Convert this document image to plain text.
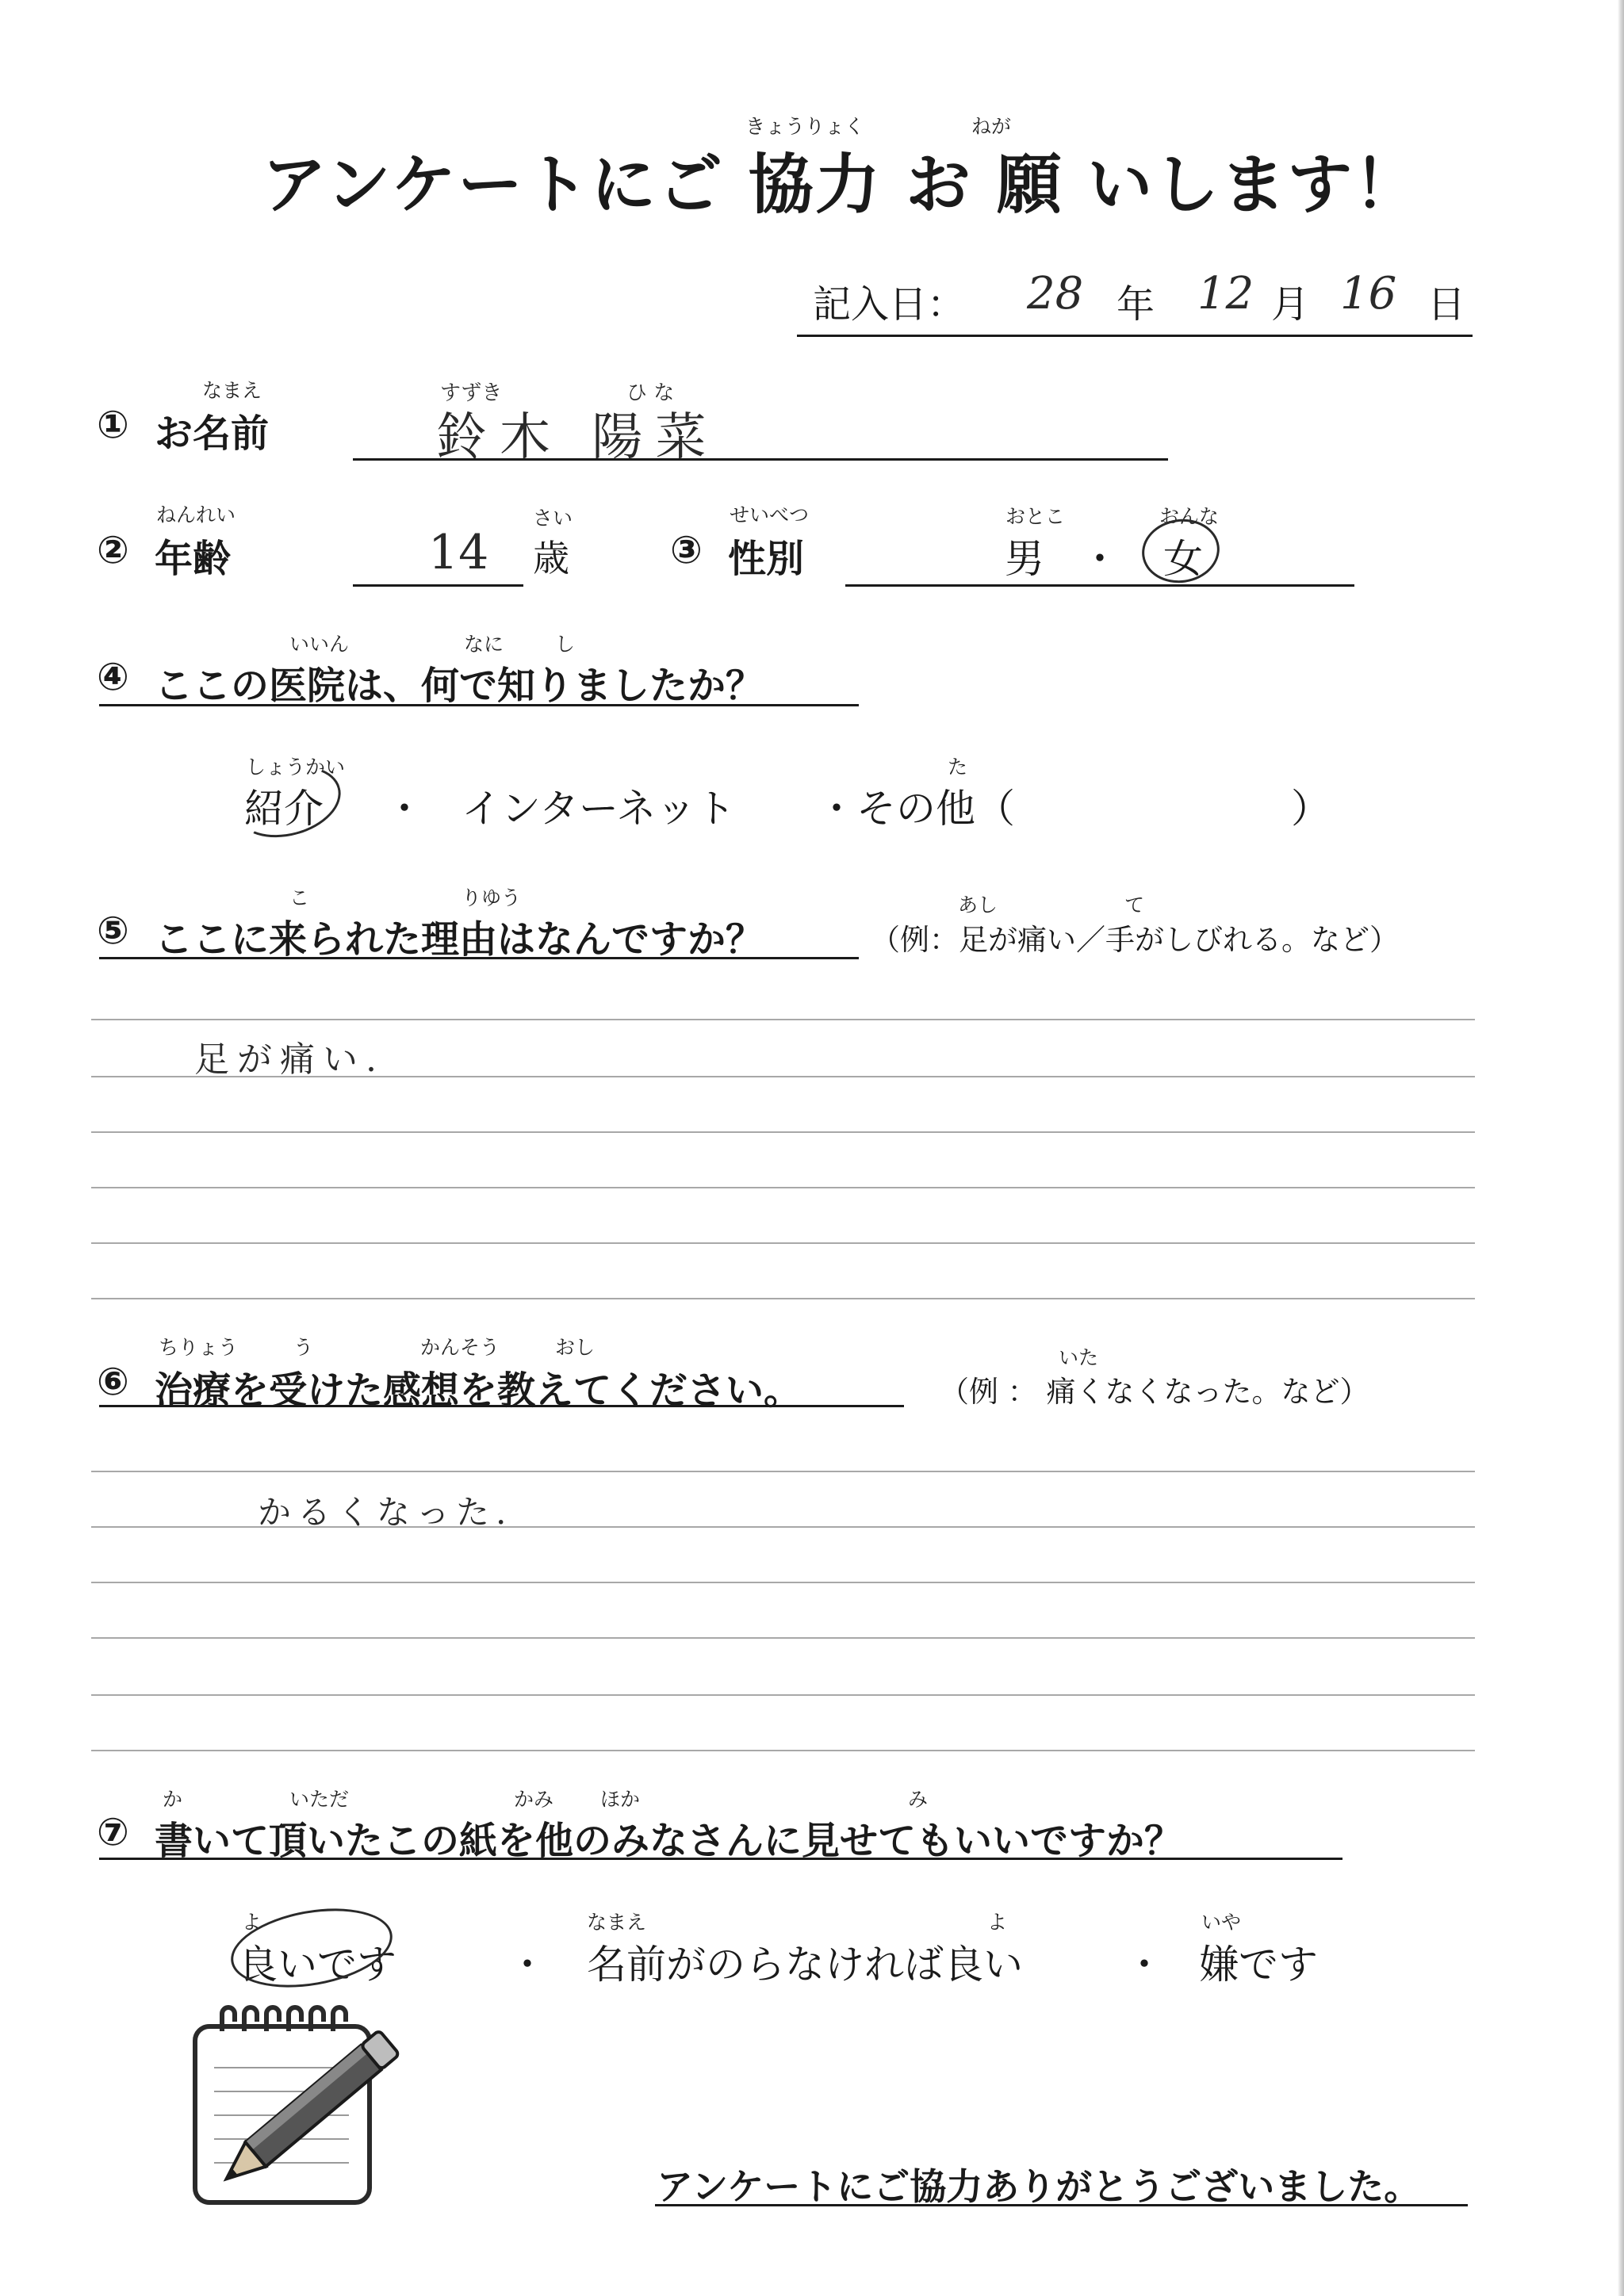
きょうりょく	ねが
アンケートにご 協力 お 願 いします！
記入日： 28 年 12 月 16 日
なまえ
① お名前
すずき	ひ な
鈴木 陽菜
ねんれい
② 年齢	14
さい
歳
せいべつ
③ 性別
おとこ
男 ・
おんな
女
いいん	なに	し
④ ここの医院は、何で知りましたか？
しょうかい
紹介 ・ インターネット
た
・その他（	）
こ	りゆう
⑤ ここに来られた理由はなんですか？
あし	て
（例：足が痛い／手がしびれる。など）
足が痛い.
ちりょう	う	かんそう	おし
⑥ 治療を受けた感想を教えてください。
いた
（例 ： 痛くなくなった。など）
かるくなった.
か	いただ	かみ ほか	み
⑦ 書いて頂いたこの紙を他のみなさんに見せてもいいですか？
よ
良いです	・
なまえ	よ
名前がのらなければ良い	・
いや
嫌です
アンケートにご協力ありがとうございました。
